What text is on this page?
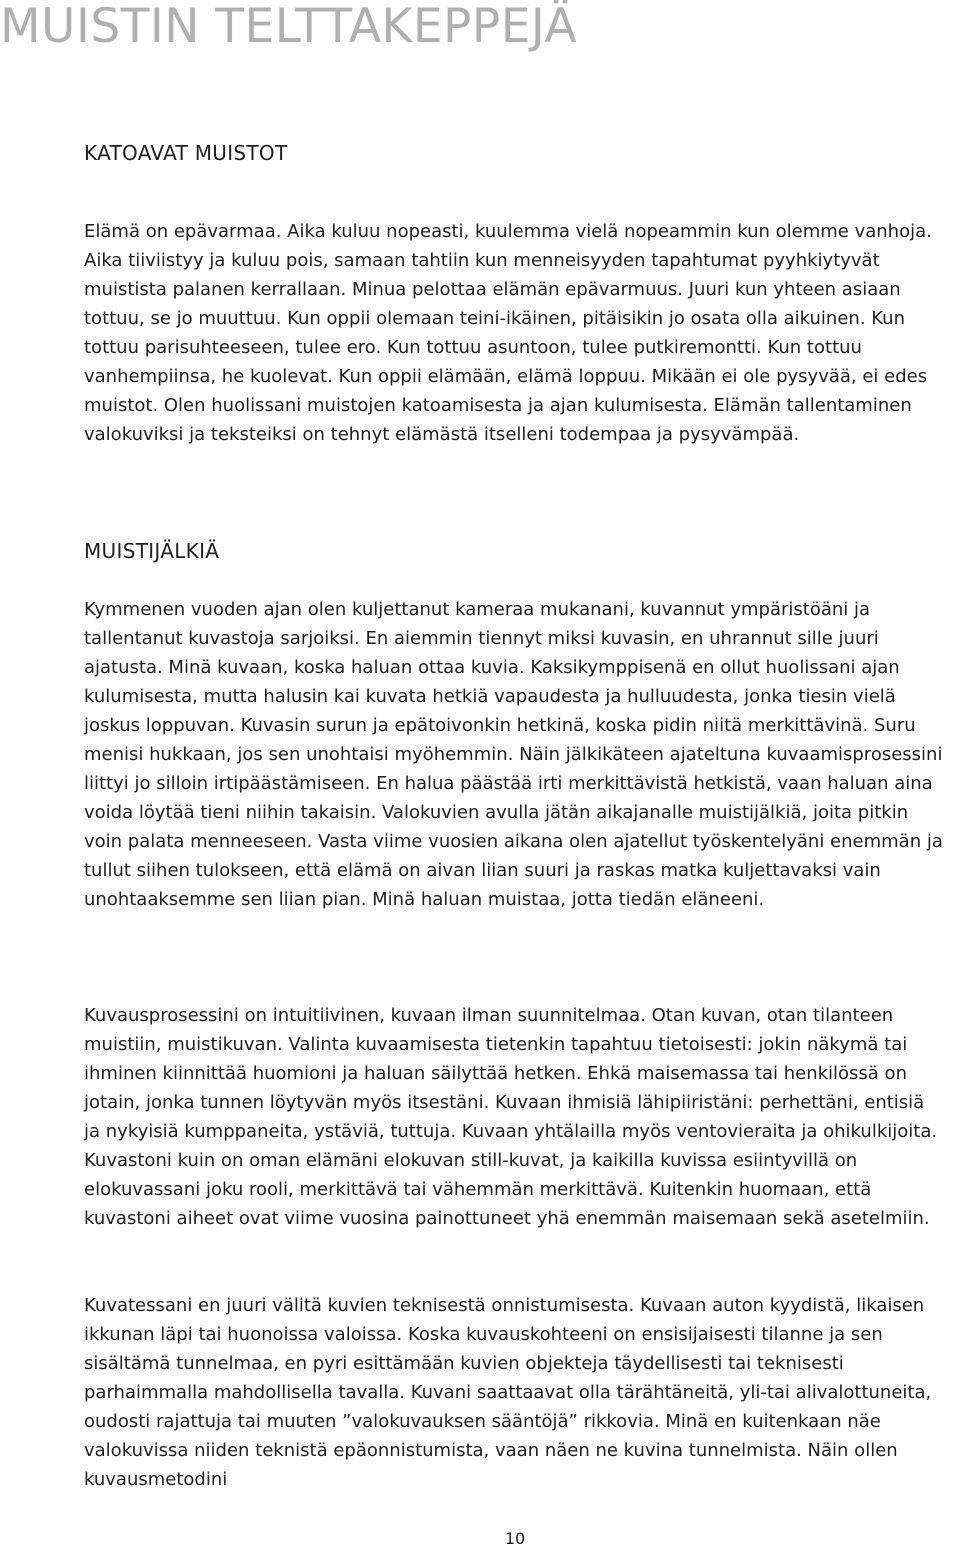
MUISTIN TELTTAKEPPEJÄ
KATOAVAT MUISTOT

Elämä on epävarmaa. Aika kuluu nopeasti, kuulemma vielä nopeammin kun olemme vanhoja. Aika tiiviistyy ja kuluu pois, samaan tahtiin kun menneisyyden tapahtumat pyyhkiytyvät muistista palanen kerrallaan. Minua pelottaa elämän epävarmuus. Juuri kun yhteen asiaan tottuu, se jo muuttuu. Kun oppii olemaan teini-ikäinen, pitäisikin jo osata olla aikuinen. Kun tottuu parisuhteeseen, tulee ero. Kun tottuu asuntoon, tulee putkiremontti. Kun tottuu vanhempiinsa, he kuolevat. Kun oppii elämään, elämä loppuu. Mikään ei ole pysyvää, ei edes muistot. Olen huolissani muistojen katoamisesta ja ajan kulumisesta. Elämän tallentaminen valokuviksi ja teksteiksi on tehnyt elämästä itselleni todempaa ja pysyvämpää.

MUISTIJÄLKIÄ

Kymmenen vuoden ajan olen kuljettanut kameraa mukanani, kuvannut ympäristöäni ja tallentanut kuvastoja sarjoiksi. En aiemmin tiennyt miksi kuvasin, en uhrannut sille juuri ajatusta. Minä kuvaan, koska haluan ottaa kuvia. Kaksikymppisenä en ollut huolissani ajan kulumisesta, mutta halusin kai kuvata hetkiä vapaudesta ja hulluudesta, jonka tiesin vielä joskus loppuvan. Kuvasin surun ja epätoivonkin hetkinä, koska pidin niitä merkittävinä. Suru menisi hukkaan, jos sen unohtaisi myöhemmin. Näin jälkikäteen ajateltuna kuvaamisprosessini liittyi jo silloin irtipäästämiseen. En halua päästää irti merkittävistä hetkistä, vaan haluan aina voida löytää tieni niihin takaisin. Valokuvien avulla jätän aikajanalle muistijälkiä, joita pitkin voin palata menneeseen. Vasta viime vuosien aikana olen ajatellut työskentelyäni enemmän ja tullut siihen tulokseen, että elämä on aivan liian suuri ja raskas matka kuljettavaksi vain unohtaaksemme sen liian pian. Minä haluan muistaa, jotta tiedän eläneeni.

Kuvausprosessini on intuitiivinen, kuvaan ilman suunnitelmaa. Otan kuvan, otan tilanteen muistiin, muistikuvan. Valinta kuvaamisesta tietenkin tapahtuu tietoisesti: jokin näkymä tai ihminen kiinnittää huomioni ja haluan säilyttää hetken. Ehkä maisemassa tai henkilössä on jotain, jonka tunnen löytyvän myös itsestäni. Kuvaan ihmisiä lähipiiristäni: perhettäni, entisiä ja nykyisiä kumppaneita, ystäviä, tuttuja. Kuvaan yhtälailla myös ventovieraita ja ohikulkijoita. Kuvastoni kuin on oman elämäni elokuvan still-kuvat, ja kaikilla kuvissa esiintyvillä on elokuvassani joku rooli, merkittävä tai vähemmän merkittävä. Kuitenkin huomaan, että kuvastoni aiheet ovat viime vuosina painottuneet yhä enemmän maisemaan sekä asetelmiin.

Kuvatessani en juuri välitä kuvien teknisestä onnistumisesta. Kuvaan auton kyydistä, likaisen ikkunan läpi tai huonoissa valoissa. Koska kuvauskohteeni on ensisijaisesti tilanne ja sen sisältämä tunnelmaa, en pyri esittämään kuvien objekteja täydellisesti tai teknisesti parhaimmalla mahdollisella tavalla. Kuvani saattaavat olla tärähtäneitä, yli-tai alivalottuneita, oudosti rajattuja tai muuten ”valokuvauksen sääntöjä” rikkovia. Minä en kuitenkaan näe valokuvissa niiden teknistä epäonnistumista, vaan näen ne kuvina tunnelmista. Näin ollen kuvausmetodini

10
